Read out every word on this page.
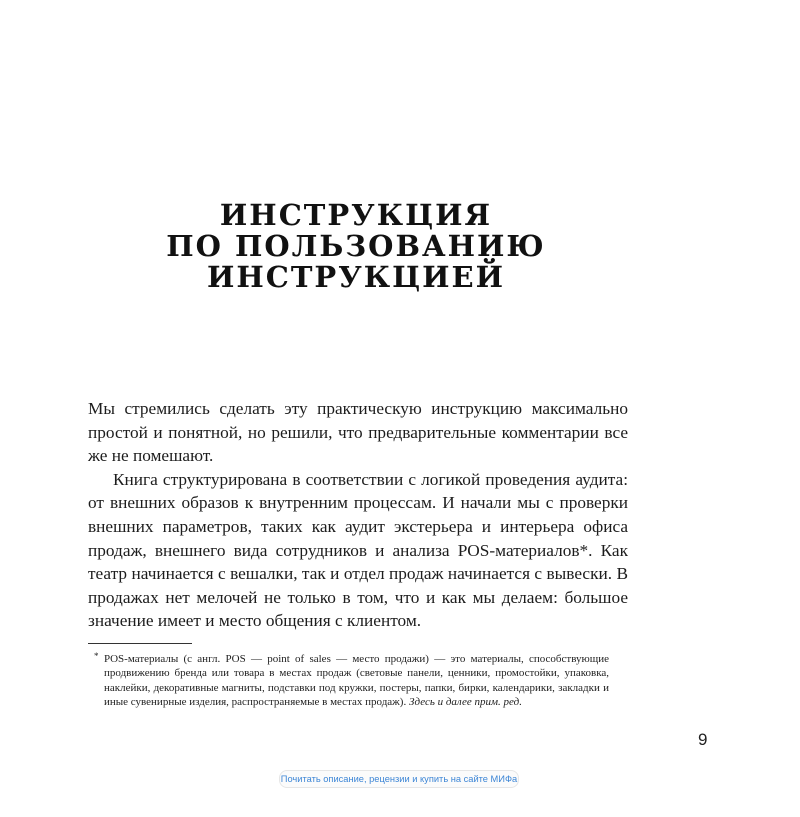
ИНСТРУКЦИЯ
ПО ПОЛЬЗОВАНИЮ
ИНСТРУКЦИЕЙ

Мы стремились сделать эту практическую инструкцию максимально простой и понятной, но решили, что предварительные комментарии все же не помешают.

Книга структурирована в соответствии с логикой проведения аудита: от внешних образов к внутренним процессам. И начали мы с проверки внешних параметров, таких как аудит экстерьера и интерьера офиса продаж, внешнего вида сотрудников и анализа POS-материалов*. Как театр начинается с вешалки, так и отдел продаж начинается с вывески. В продажах нет мелочей не только в том, что и как мы делаем: большое значение имеет и место общения с клиентом.

* POS-материалы (с англ. POS — point of sales — место продажи) — это материалы, способствующие продвижению бренда или товара в местах продаж (световые панели, ценники, промостойки, упаковка, наклейки, декоративные магниты, подставки под кружки, постеры, папки, бирки, календарики, закладки и иные сувенирные изделия, распространяемые в местах продаж). Здесь и далее прим. ред.
9
Почитать описание, рецензии и купить на сайте МИФа
